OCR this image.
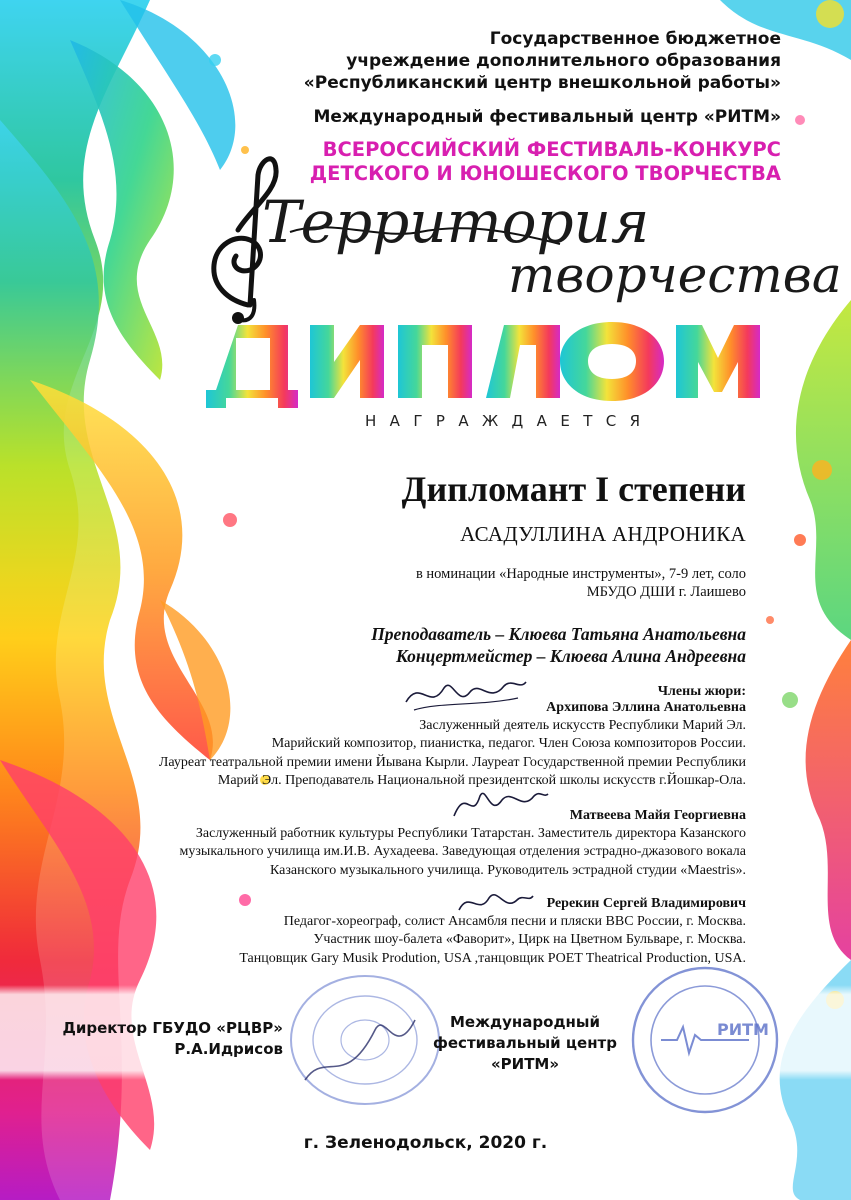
Государственное бюджетное
учреждение дополнительного образования
«Республиканский центр внешкольной работы»
Международный фестивальный центр «РИТМ»
ВСЕРОССИЙСКИЙ ФЕСТИВАЛЬ-КОНКУРС
ДЕТСКОГО И ЮНОШЕСКОГО ТВОРЧЕСТВА
Территория
творчества
НАГРАЖДАЕТСЯ
Дипломант I степени
АСАДУЛЛИНА АНДРОНИКА
в номинации «Народные инструменты», 7-9 лет, соло
МБУДО ДШИ г. Лаишево
Преподаватель – Клюева Татьяна Анатольевна
Концертмейстер – Клюева Алина Андреевна
Члены жюри:
Архипова Эллина Анатольевна
Заслуженный деятель искусств Республики Марий Эл.
Марийский композитор, пианистка, педагог. Член Союза композиторов России.
Лауреат театральной премии имени Йывана Кырли. Лауреат Государственной премии Республики
Марий Эл. Преподаватель Национальной президентской школы искусств г.Йошкар-Ола.
Матвеева Майя Георгиевна
Заслуженный работник культуры Республики Татарстан. Заместитель директора Казанского
музыкального училища им.И.В. Аухадеева. Заведующая отделения эстрадно-джазового вокала
Казанского музыкального училища. Руководитель эстрадной студии «Maestris».
Ререкин Сергей Владимирович
Педагог-хореограф, солист Ансамбля песни и пляски ВВС России, г. Москва.
Участник шоу-балета «Фаворит», Цирк на Цветном Бульваре, г. Москва.
Танцовщик Gary Musik Prodution, USA ,танцовщик POET Theatrical Production, USA.
РИТМ
Директор ГБУДО «РЦВР»
Р.А.Идрисов
Международный
фестивальный центр
«РИТМ»
г. Зеленодольск, 2020 г.
